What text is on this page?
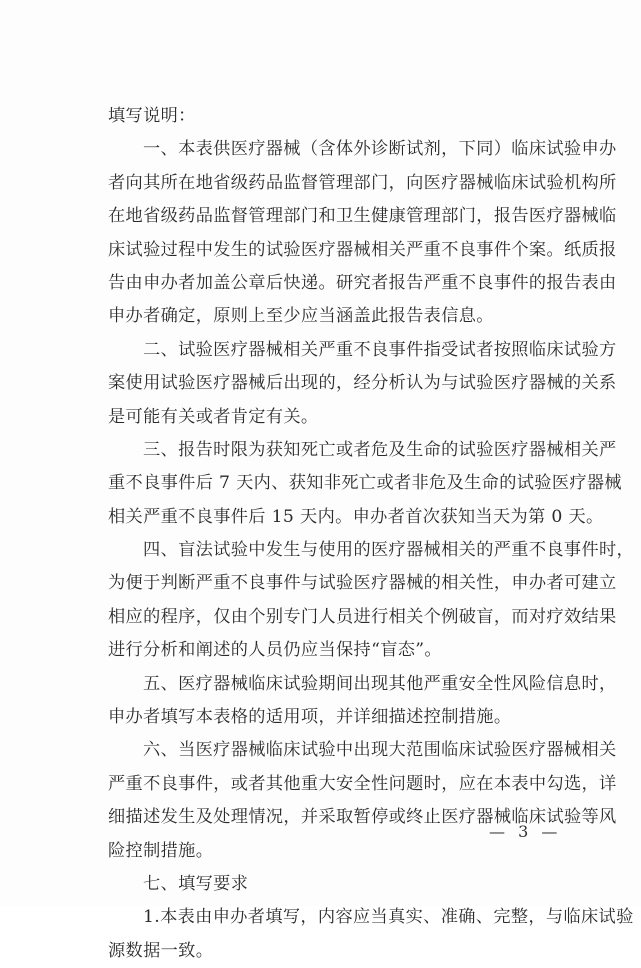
填写说明：
一、本表供医疗器械（含体外诊断试剂，下同）临床试验申办
者向其所在地省级药品监督管理部门，向医疗器械临床试验机构所
在地省级药品监督管理部门和卫生健康管理部门，报告医疗器械临
床试验过程中发生的试验医疗器械相关严重不良事件个案。纸质报
告由申办者加盖公章后快递。研究者报告严重不良事件的报告表由
申办者确定，原则上至少应当涵盖此报告表信息。
二、试验医疗器械相关严重不良事件指受试者按照临床试验方
案使用试验医疗器械后出现的，经分析认为与试验医疗器械的关系
是可能有关或者肯定有关。
三、报告时限为获知死亡或者危及生命的试验医疗器械相关严
重不良事件后 7 天内、获知非死亡或者非危及生命的试验医疗器械
相关严重不良事件后 15 天内。申办者首次获知当天为第 0 天。
四、盲法试验中发生与使用的医疗器械相关的严重不良事件时，
为便于判断严重不良事件与试验医疗器械的相关性，申办者可建立
相应的程序，仅由个别专门人员进行相关个例破盲，而对疗效结果
进行分析和阐述的人员仍应当保持“盲态”。
五、医疗器械临床试验期间出现其他严重安全性风险信息时，
申办者填写本表格的适用项，并详细描述控制措施。
六、当医疗器械临床试验中出现大范围临床试验医疗器械相关
严重不良事件，或者其他重大安全性问题时，应在本表中勾选，详
细描述发生及处理情况，并采取暂停或终止医疗器械临床试验等风
险控制措施。
七、填写要求
1.本表由申办者填写，内容应当真实、准确、完整，与临床试验
源数据一致。
— 3 —
